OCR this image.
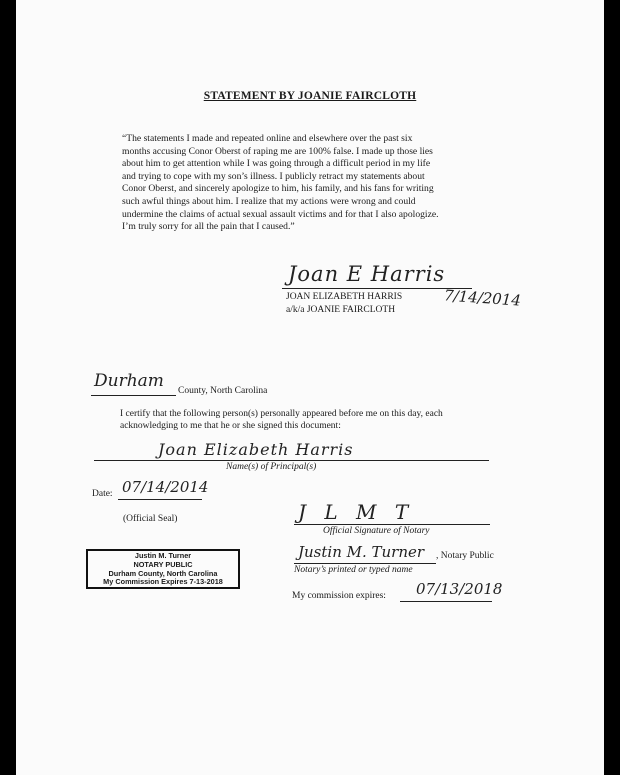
STATEMENT BY JOANIE FAIRCLOTH
“The statements I made and repeated online and elsewhere over the past six
months accusing Conor Oberst of raping me are 100% false. I made up those lies
about him to get attention while I was going through a difficult period in my life
and trying to cope with my son’s illness. I publicly retract my statements about
Conor Oberst, and sincerely apologize to him, his family, and his fans for writing
such awful things about him. I realize that my actions were wrong and could
undermine the claims of actual sexual assault victims and for that I also apologize.
I’m truly sorry for all the pain that I caused.”
Joan E Harris
JOAN ELIZABETH HARRIS
a/k/a JOANIE FAIRCLOTH
7/14/2014
Durham County, North Carolina
I certify that the following person(s) personally appeared before me on this day, each
acknowledging to me that he or she signed this document:
Joan Elizabeth Harris
Name(s) of Principal(s)
Date: 07/14/2014
(Official Seal)	J L M T
Official Signature of Notary
Justin M. Turner , Notary Public
Notary’s printed or typed name
My commission expires: 07/13/2018
Justin M. Turner
NOTARY PUBLIC
Durham County, North Carolina
My Commission Expires 7-13-2018
